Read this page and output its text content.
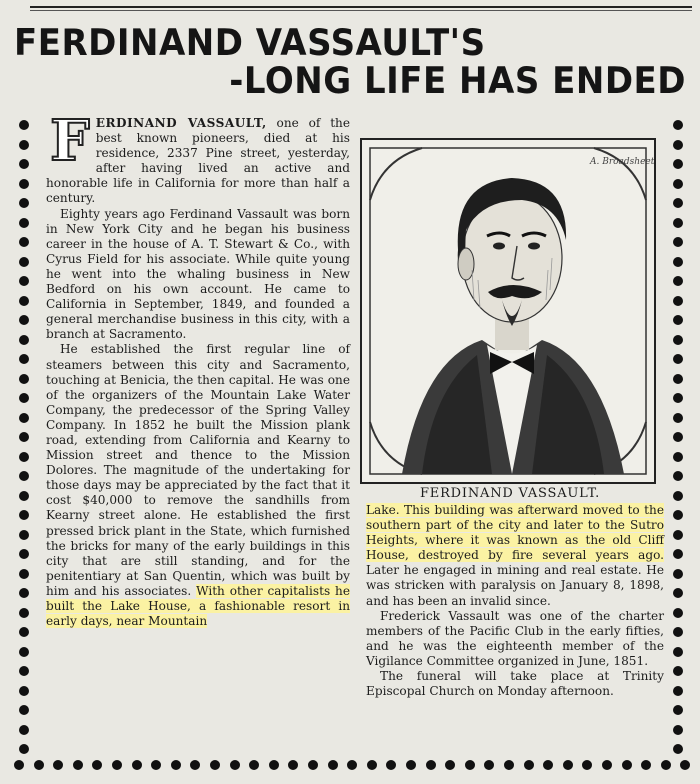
FERDINAND VASSAULT'S
-LONG LIFE HAS ENDED

FERDINAND VASSAULT, one of the best known pioneers, died at his residence, 2337 Pine street, yesterday, after having lived an active and honorable life in California for more than half a century.

Eighty years ago Ferdinand Vassault was born in New York City and he began his business career in the house of A. T. Stewart & Co., with Cyrus Field for his associate. While quite young he went into the whaling business in New Bedford on his own account. He came to California in September, 1849, and founded a general merchandise business in this city, with a branch at Sacramento.

He established the first regular line of steamers between this city and Sacramento, touching at Benicia, the then capital. He was one of the organizers of the Mountain Lake Water Company, the predecessor of the Spring Valley Company. In 1852 he built the Mission plank road, extending from California and Kearny to Mission street and thence to the Mission Dolores. The magnitude of the undertaking for those days may be appreciated by the fact that it cost $40,000 to remove the sandhills from Kearny street alone. He established the first pressed brick plant in the State, which furnished the bricks for many of the early buildings in this city that are still standing, and for the penitentiary at San Quentin, which was built by him and his associates. With other capitalists he built the Lake House, a fashionable resort in early days, near Mountain

A. Broadsheet
FERDINAND VASSAULT.

Lake. This building was afterward moved to the southern part of the city and later to the Sutro Heights, where it was known as the old Cliff House, destroyed by fire several years ago. Later he engaged in mining and real estate. He was stricken with paralysis on January 8, 1898, and has been an invalid since.

Frederick Vassault was one of the charter members of the Pacific Club in the early fifties, and he was the eighteenth member of the Vigilance Committee organized in June, 1851.

The funeral will take place at Trinity Episcopal Church on Monday afternoon.
